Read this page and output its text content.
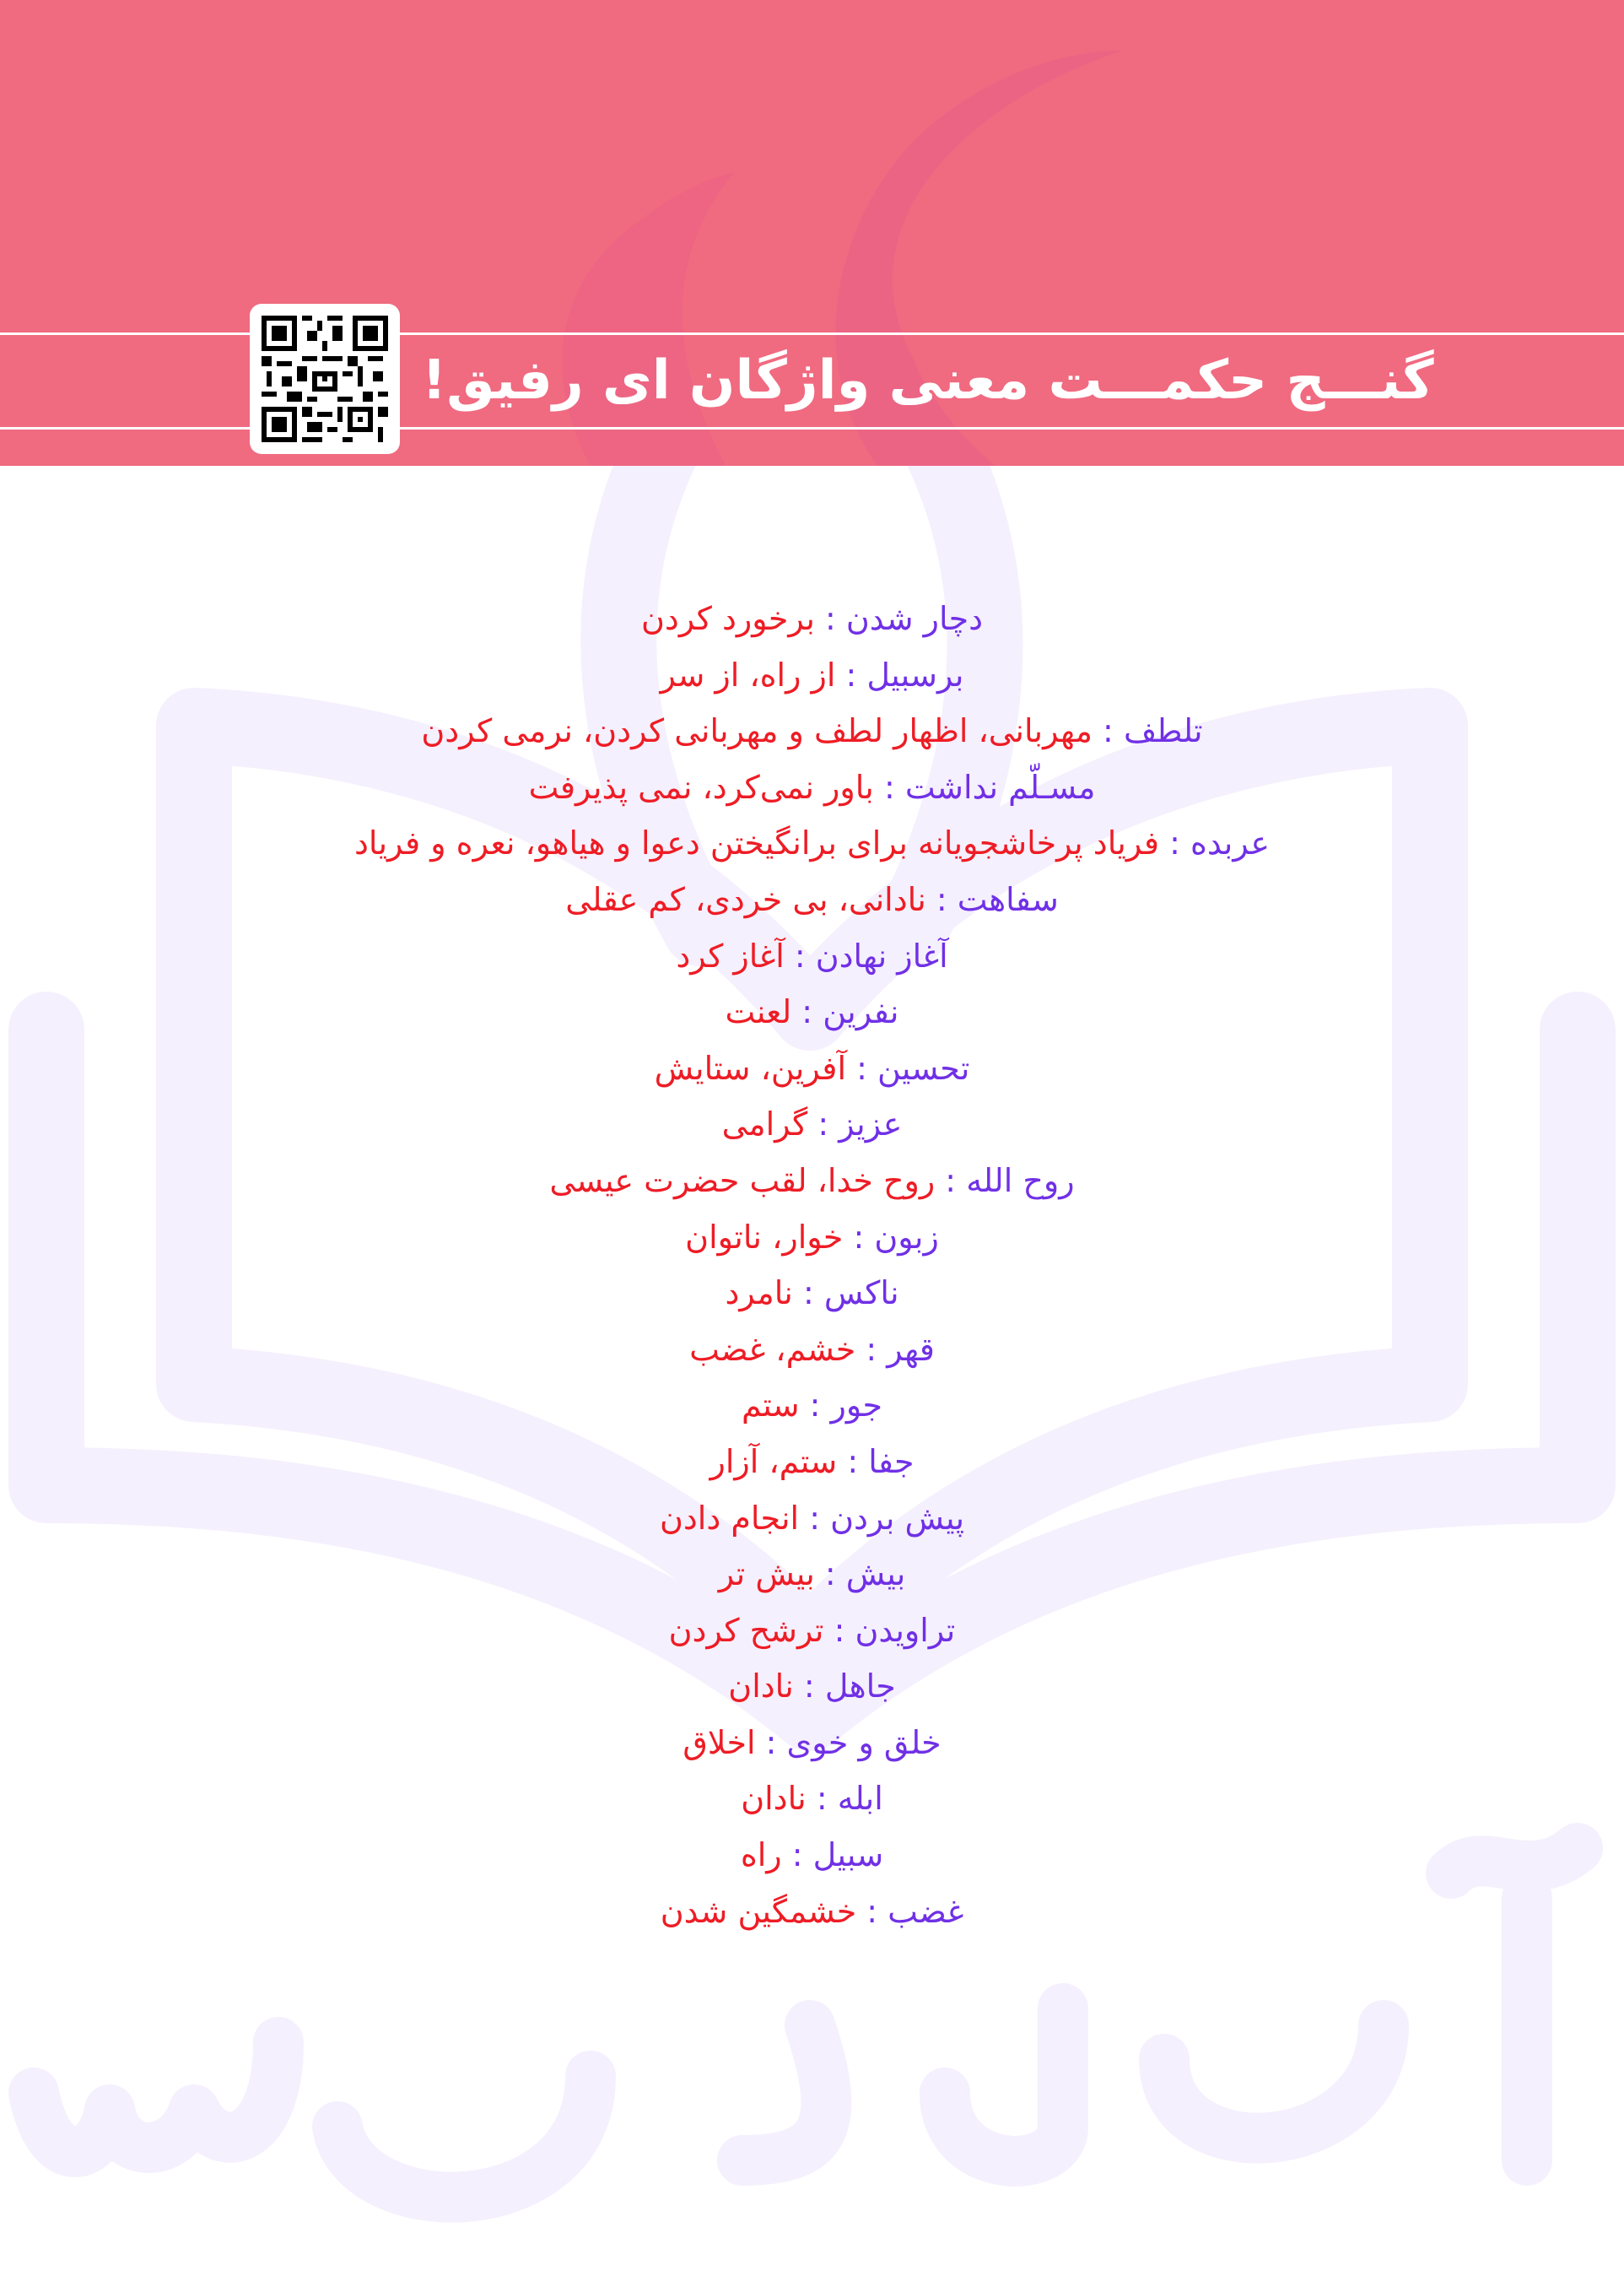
گنـــج حکمـــت معنی واژگان ای رفیق!
دچار شدن : برخورد کردن
برسبیل : از راه، از سر
تلطف : مهربانی، اظهار لطف و مهربانی کردن، نرمی کردن
مسـلّم نداشت : باور نمی‌کرد، نمی پذیرفت
عربده : فریاد پرخاشجویانه برای برانگیختن دعوا و هیاهو، نعره و فریاد
سفاهت : نادانی، بی خردی، کم عقلی
آغاز نهادن : آغاز کرد
نفرین : لعنت
تحسین : آفرین، ستایش
عزیز : گرامی
روح الله : روح خدا، لقب حضرت عیسی
زبون : خوار، ناتوان
ناکس : نامرد
قهر : خشم، غضب
جور : ستم
جفا : ستم، آزار
پیش بردن : انجام دادن
بیش : بیش تر
تراویدن : ترشح کردن
جاهل : نادان
خلق و خوی : اخلاق
ابله : نادان
سبیل : راه
غضب : خشمگین شدن
